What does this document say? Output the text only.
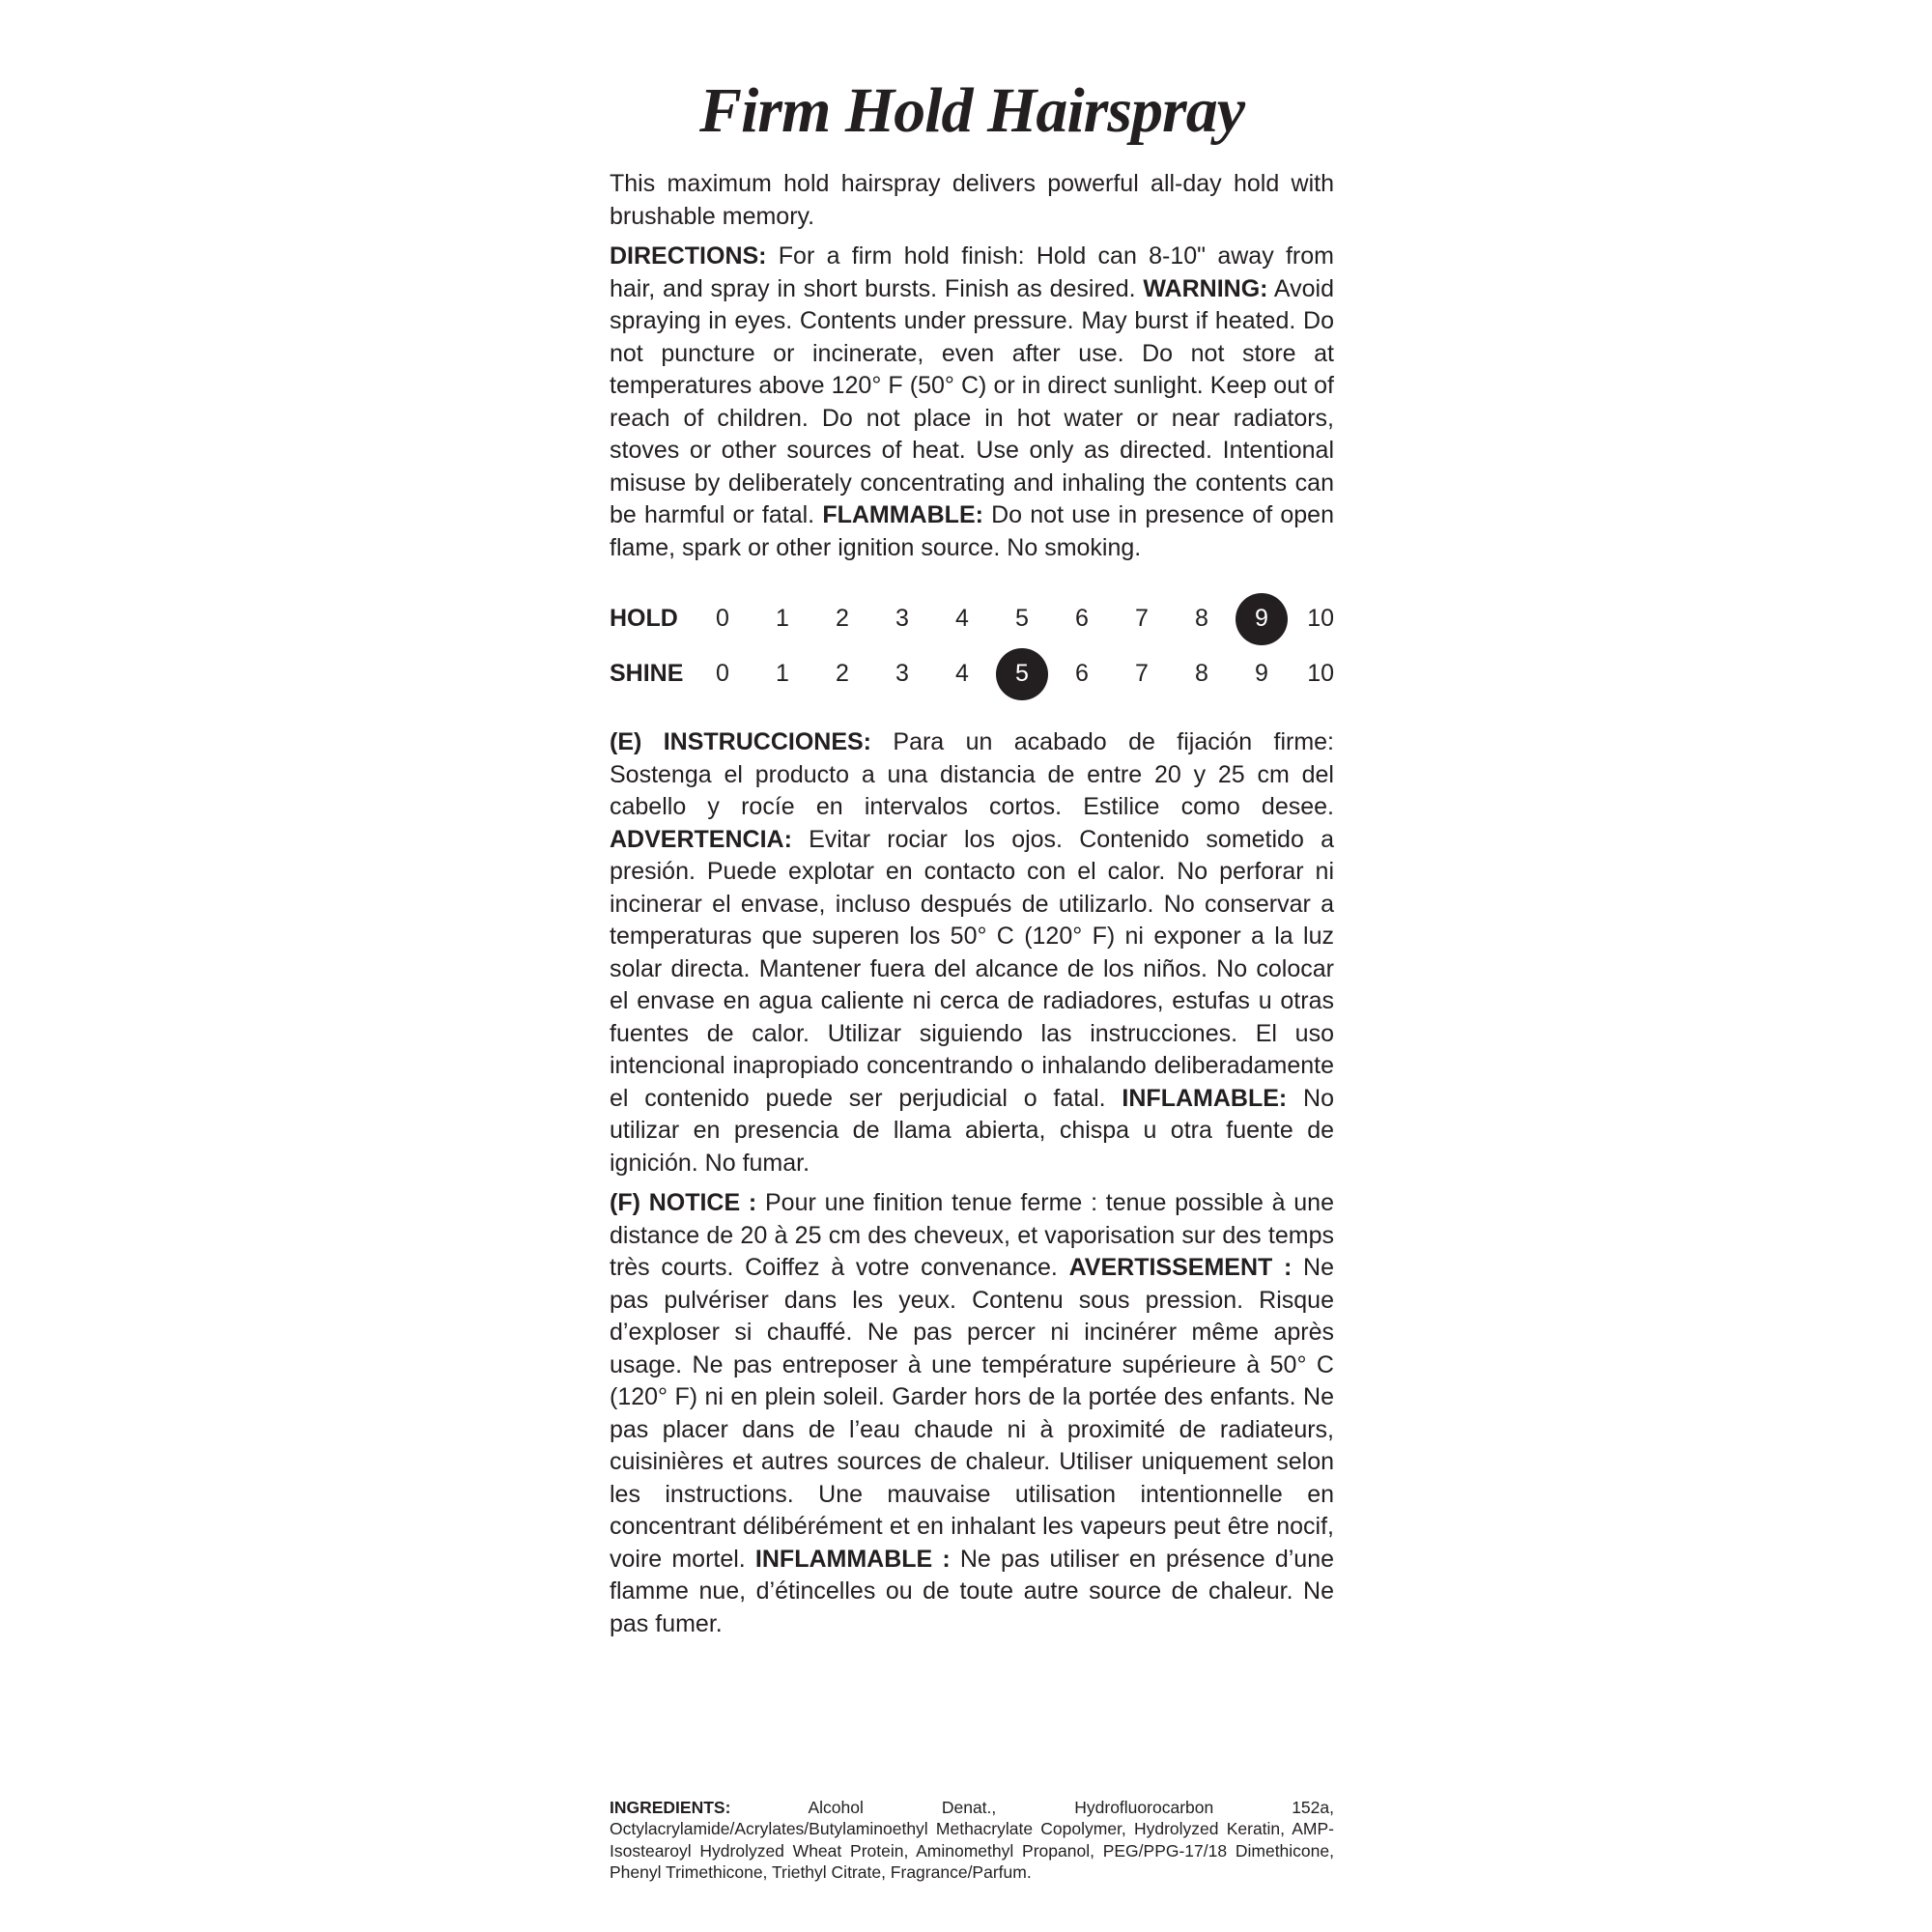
Firm Hold Hairspray

This maximum hold hairspray delivers powerful all-day hold with brushable memory.

DIRECTIONS: For a firm hold finish: Hold can 8-10" away from hair, and spray in short bursts. Finish as desired. WARNING: Avoid spraying in eyes. Contents under pressure. May burst if heated. Do not puncture or incinerate, even after use. Do not store at temperatures above 120° F (50° C) or in direct sunlight. Keep out of reach of children. Do not place in hot water or near radiators, stoves or other sources of heat. Use only as directed. Intentional misuse by deliberately concentrating and inhaling the contents can be harmful or fatal. FLAMMABLE: Do not use in presence of open flame, spark or other ignition source. No smoking.

HOLD	0	1	2	3	4	5	6	7	8	9	10
SHINE	0	1	2	3	4	5	6	7	8	9	10

(E) INSTRUCCIONES: Para un acabado de fijación firme: Sostenga el producto a una distancia de entre 20 y 25 cm del cabello y rocíe en intervalos cortos. Estilice como desee. ADVERTENCIA: Evitar rociar los ojos. Contenido sometido a presión. Puede explotar en contacto con el calor. No perforar ni incinerar el envase, incluso después de utilizarlo. No conservar a temperaturas que superen los 50° C (120° F) ni exponer a la luz solar directa. Mantener fuera del alcance de los niños. No colocar el envase en agua caliente ni cerca de radiadores, estufas u otras fuentes de calor. Utilizar siguiendo las instrucciones. El uso intencional inapropiado concentrando o inhalando deliberadamente el contenido puede ser perjudicial o fatal. INFLAMABLE: No utilizar en presencia de llama abierta, chispa u otra fuente de ignición. No fumar.

(F) NOTICE : Pour une finition tenue ferme : tenue possible à une distance de 20 à 25 cm des cheveux, et vaporisation sur des temps très courts. Coiffez à votre convenance. AVERTISSEMENT : Ne pas pulvériser dans les yeux. Contenu sous pression. Risque d’exploser si chauffé. Ne pas percer ni incinérer même après usage. Ne pas entreposer à une température supérieure à 50° C (120° F) ni en plein soleil. Garder hors de la portée des enfants. Ne pas placer dans de l’eau chaude ni à proximité de radiateurs, cuisinières et autres sources de chaleur. Utiliser uniquement selon les instructions. Une mauvaise utilisation intentionnelle en concentrant délibérément et en inhalant les vapeurs peut être nocif, voire mortel. INFLAMMABLE : Ne pas utiliser en présence d’une flamme nue, d’étincelles ou de toute autre source de chaleur. Ne pas fumer.

INGREDIENTS: Alcohol Denat., Hydrofluorocarbon 152a, Octylacrylamide/Acrylates/Butylaminoethyl Methacrylate Copolymer, Hydrolyzed Keratin, AMP-Isostearoyl Hydrolyzed Wheat Protein, Aminomethyl Propanol, PEG/PPG-17/18 Dimethicone, Phenyl Trimethicone, Triethyl Citrate, Fragrance/Parfum.
